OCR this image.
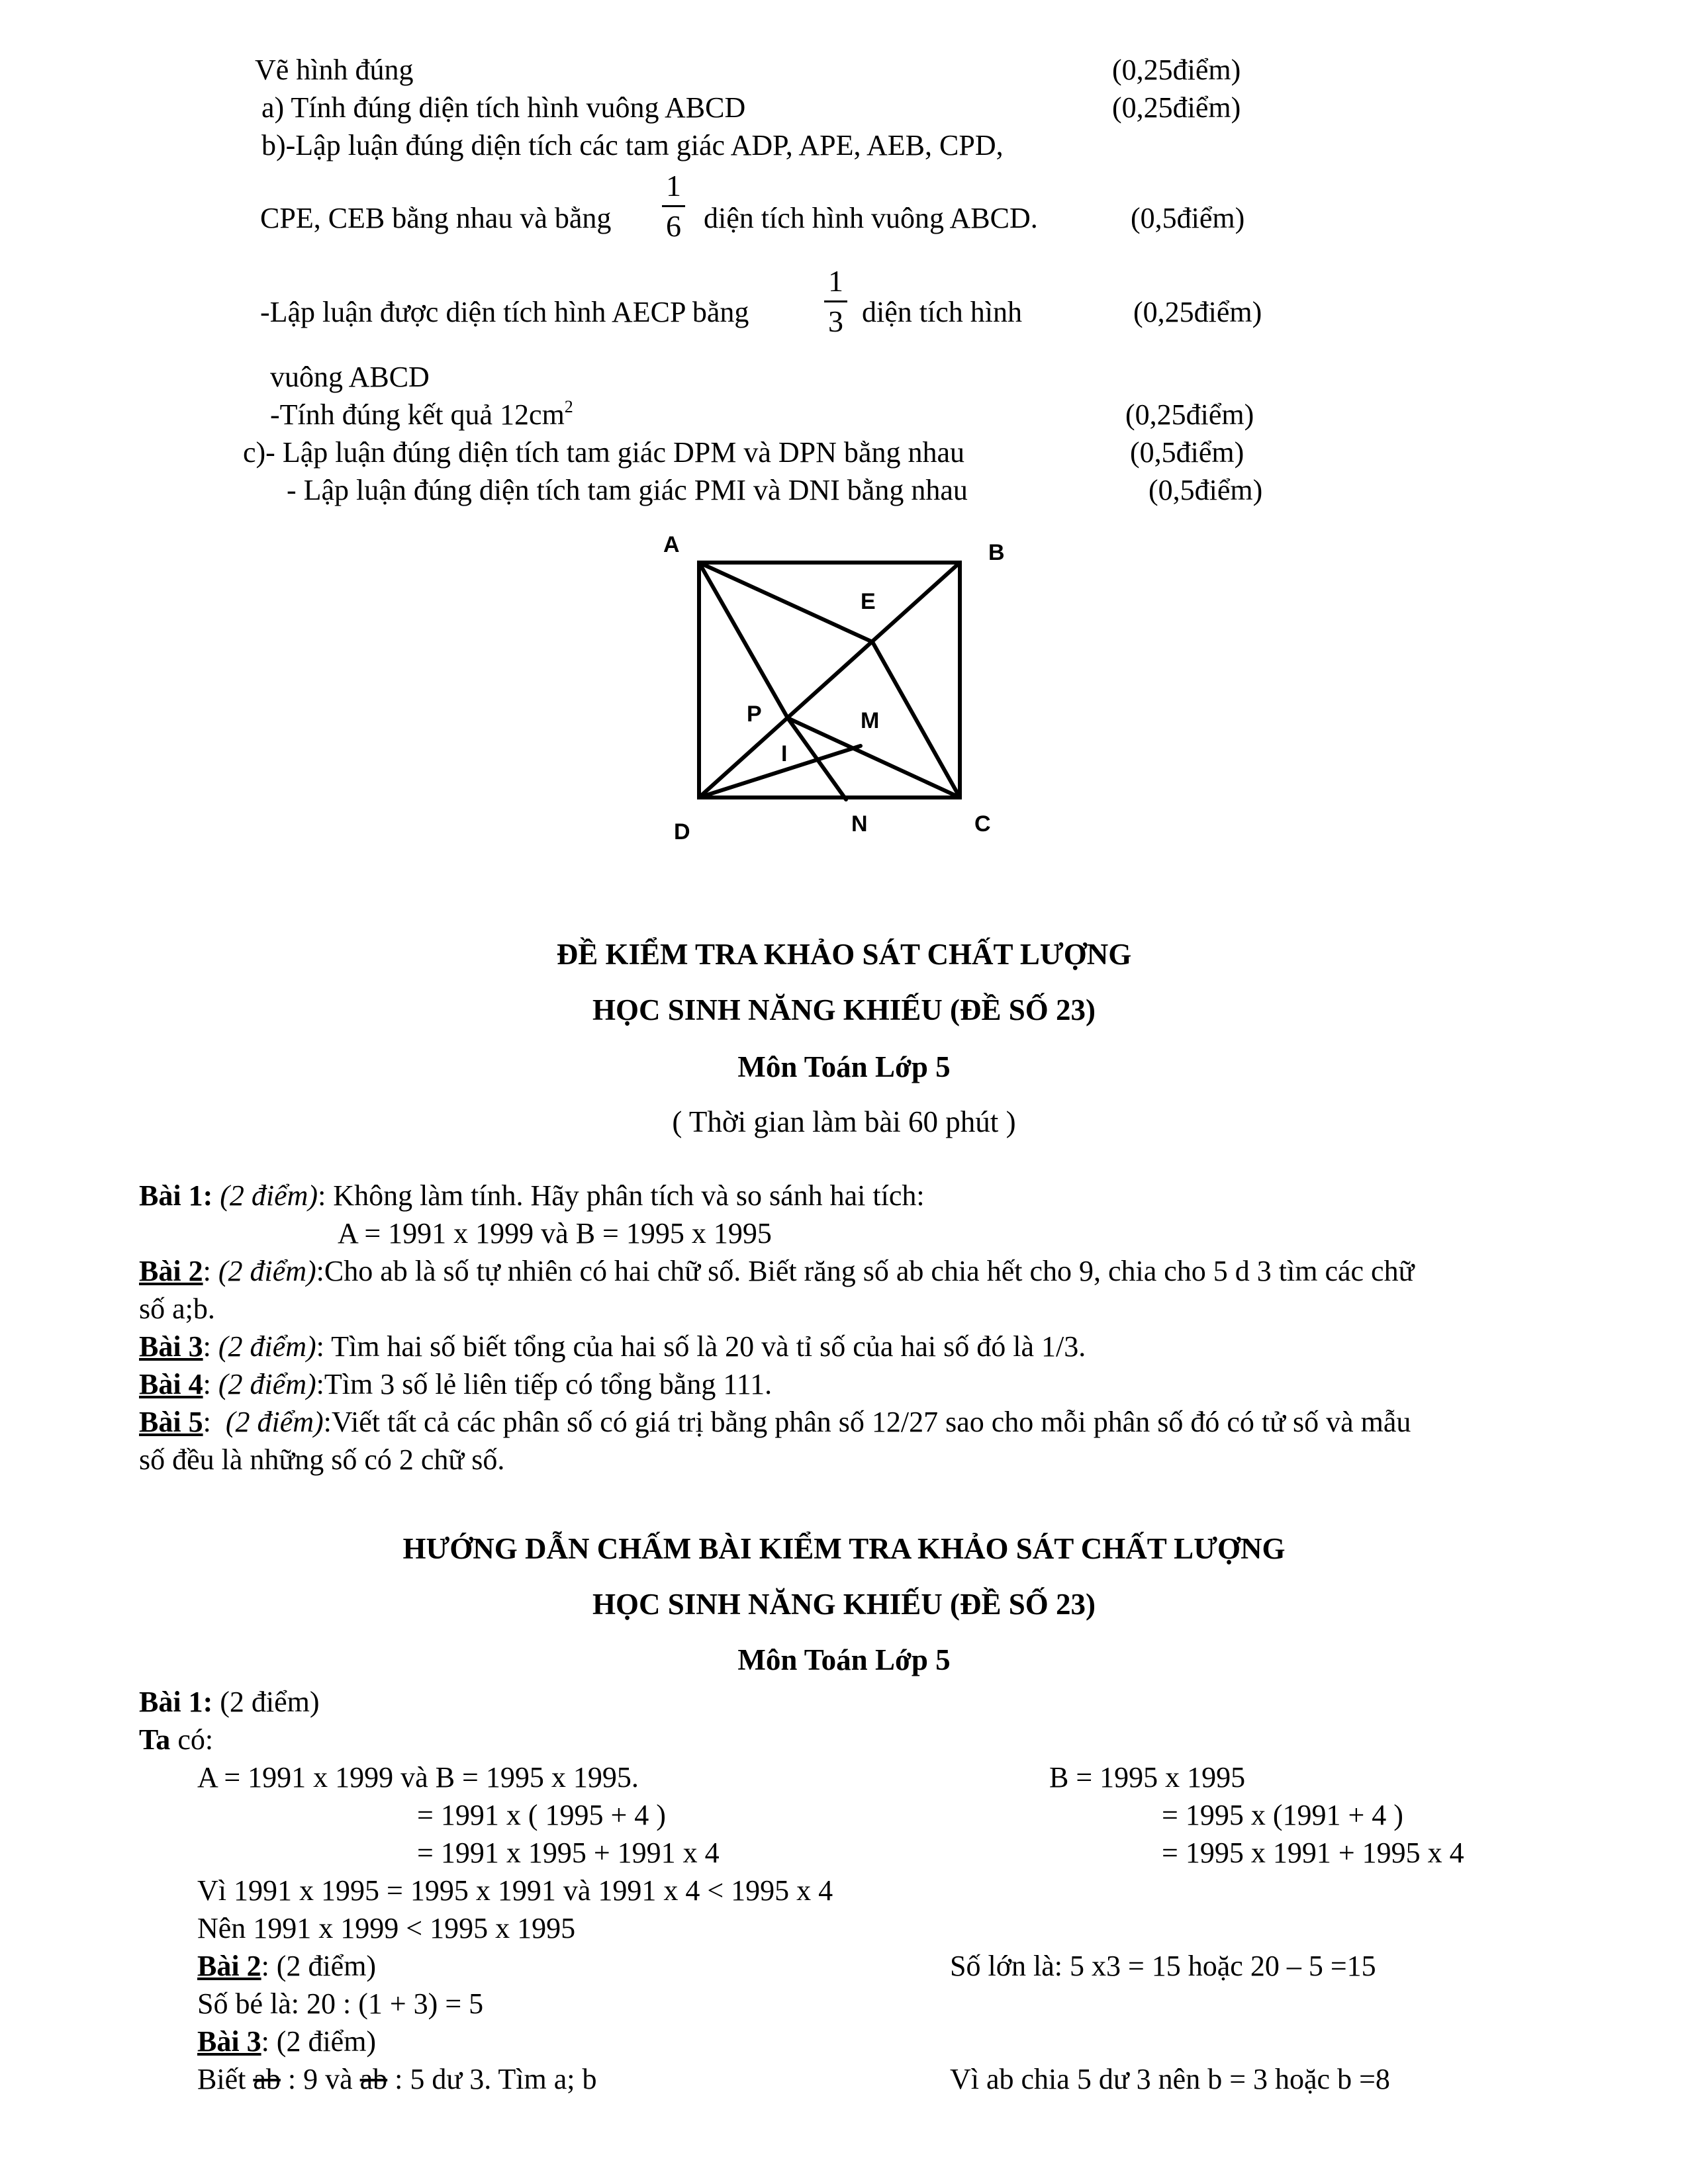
Vẽ hình đúng	(0,25điểm)
a) Tính đúng diện tích hình vuông ABCD	(0,25điểm)
b)-Lập luận đúng diện tích các tam giác ADP, APE, AEB, CPD,
CPE, CEB bằng nhau và bằng $\frac{1}{6}$ diện tích hình vuông ABCD.	(0,5điểm)
-Lập luận được diện tích hình AECP bằng $\frac{1}{3}$ diện tích hình	(0,25điểm)
vuông ABCD
-Tính đúng kết quả $12cm^2$	(0,25điểm)
c)- Lập luận đúng diện tích tam giác DPM và DPN bằng nhau	(0,5điểm)
- Lập luận đúng diện tích tam giác PMI và DNI bằng nhau	(0,5điểm)
A	B
E
P	M
I
D	N	C
ĐỀ KIỂM TRA KHẢO SÁT CHẤT LƯỢNG
HỌC SINH NĂNG KHIẾU (ĐỀ SỐ 23)
Môn Toán Lớp 5
( Thời gian làm bài 60 phút )
Bài 1: (2 điểm): Không làm tính. Hãy phân tích và so sánh hai tích:
A = 1991 x 1999 và B = 1995 x 1995
Bài 2: (2 điểm):Cho ab là số tự nhiên có hai chữ số. Biết răng số ab chia hết cho 9, chia cho 5 d 3 tìm các chữ
số a;b.
Bài 3: (2 điểm): Tìm hai số biết tổng của hai số là 20 và tỉ số của hai số đó là 1/3.
Bài 4: (2 điểm):Tìm 3 số lẻ liên tiếp có tổng bằng 111.
Bài 5:  (2 điểm):Viết tất cả các phân số có giá trị bằng phân số 12/27 sao cho mỗi phân số đó có tử số và mẫu
số đều là những số có 2 chữ số.
HƯỚNG DẪN CHẤM BÀI KIỂM TRA KHẢO SÁT CHẤT LƯỢNG
HỌC SINH NĂNG KHIẾU (ĐỀ SỐ 23)
Môn Toán Lớp 5
Bài 1: (2 điểm)
Ta có:
A = 1991 x 1999 và B = 1995 x 1995.	B = 1995 x 1995
= 1991 x ( 1995 + 4 )	= 1995 x (1991 + 4 )
= 1991 x 1995 + 1991 x 4	= 1995 x 1991 + 1995 x 4
Vì 1991 x 1995 = 1995 x 1991 và 1991 x 4 < 1995 x 4
Nên 1991 x 1999 < 1995 x 1995
Bài 2: (2 điểm)	Số lớn là: 5 x3 = 15 hoặc 20 – 5 =15
Số bé là: 20 : (1 + 3) = 5
Bài 3: (2 điểm)
Biết ab : 9 và ab : 5 dư 3. Tìm a; b	Vì ab chia 5 dư 3 nên b = 3 hoặc b =8
